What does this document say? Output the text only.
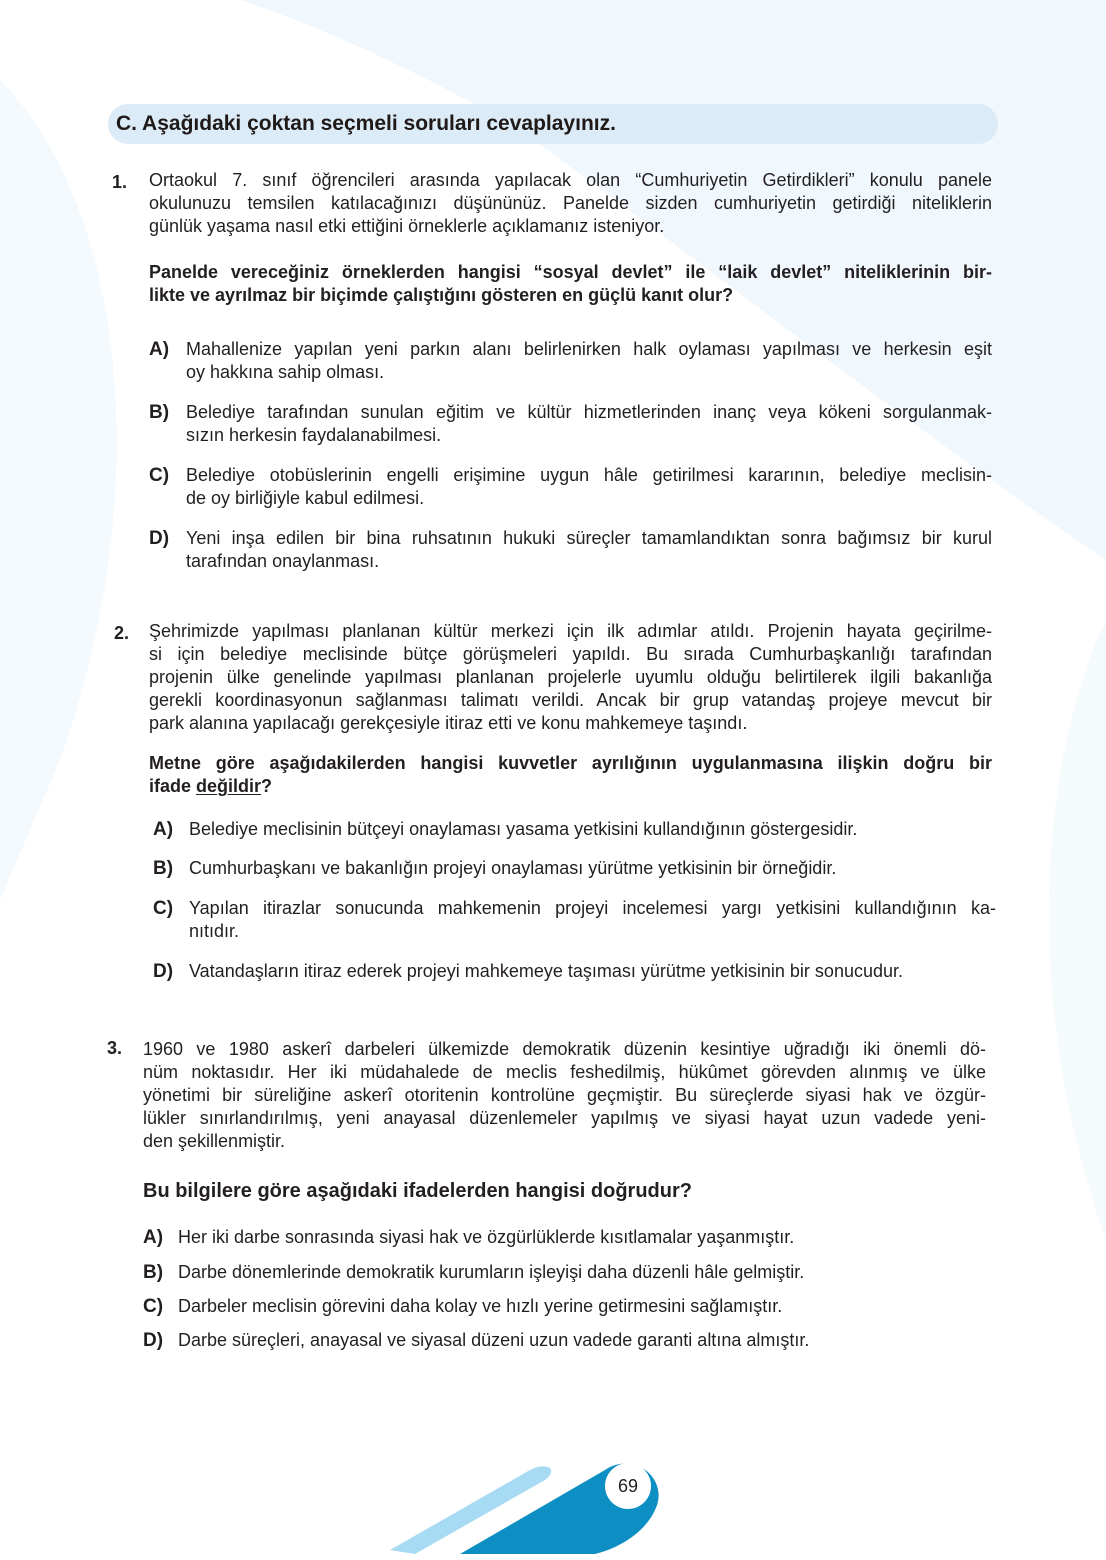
C. Aşağıdaki çoktan seçmeli soruları cevaplayınız.
1. Ortaokul 7. sınıf öğrencileri arasında yapılacak olan “Cumhuriyetin Getirdikleri” konulu panele
okulunuzu temsilen katılacağınızı düşününüz. Panelde sizden cumhuriyetin getirdiği niteliklerin
günlük yaşama nasıl etki ettiğini örneklerle açıklamanız isteniyor.
Panelde vereceğiniz örneklerden hangisi “sosyal devlet” ile “laik devlet” niteliklerinin bir-
likte ve ayrılmaz bir biçimde çalıştığını gösteren en güçlü kanıt olur?
A) Mahallenize yapılan yeni parkın alanı belirlenirken halk oylaması yapılması ve herkesin eşit
oy hakkına sahip olması.
B) Belediye tarafından sunulan eğitim ve kültür hizmetlerinden inanç veya kökeni sorgulanmak-
sızın herkesin faydalanabilmesi.
C) Belediye otobüslerinin engelli erişimine uygun hâle getirilmesi kararının, belediye meclisin-
de oy birliğiyle kabul edilmesi.
D) Yeni inşa edilen bir bina ruhsatının hukuki süreçler tamamlandıktan sonra bağımsız bir kurul
tarafından onaylanması.
2. Şehrimizde yapılması planlanan kültür merkezi için ilk adımlar atıldı. Projenin hayata geçirilme-
si için belediye meclisinde bütçe görüşmeleri yapıldı. Bu sırada Cumhurbaşkanlığı tarafından
projenin ülke genelinde yapılması planlanan projelerle uyumlu olduğu belirtilerek ilgili bakanlığa
gerekli koordinasyonun sağlanması talimatı verildi. Ancak bir grup vatandaş projeye mevcut bir
park alanına yapılacağı gerekçesiyle itiraz etti ve konu mahkemeye taşındı.
Metne göre aşağıdakilerden hangisi kuvvetler ayrılığının uygulanmasına ilişkin doğru bir
ifade değildir?
A) Belediye meclisinin bütçeyi onaylaması yasama yetkisini kullandığının göstergesidir.
B) Cumhurbaşkanı ve bakanlığın projeyi onaylaması yürütme yetkisinin bir örneğidir.
C) Yapılan itirazlar sonucunda mahkemenin projeyi incelemesi yargı yetkisini kullandığının ka-
nıtıdır.
D) Vatandaşların itiraz ederek projeyi mahkemeye taşıması yürütme yetkisinin bir sonucudur.
3. 1960 ve 1980 askerî darbeleri ülkemizde demokratik düzenin kesintiye uğradığı iki önemli dö-
nüm noktasıdır. Her iki müdahalede de meclis feshedilmiş, hükûmet görevden alınmış ve ülke
yönetimi bir süreliğine askerî otoritenin kontrolüne geçmiştir. Bu süreçlerde siyasi hak ve özgür-
lükler sınırlandırılmış, yeni anayasal düzenlemeler yapılmış ve siyasi hayat uzun vadede yeni-
den şekillenmiştir.
Bu bilgilere göre aşağıdaki ifadelerden hangisi doğrudur?
A) Her iki darbe sonrasında siyasi hak ve özgürlüklerde kısıtlamalar yaşanmıştır.
B) Darbe dönemlerinde demokratik kurumların işleyişi daha düzenli hâle gelmiştir.
C) Darbeler meclisin görevini daha kolay ve hızlı yerine getirmesini sağlamıştır.
D) Darbe süreçleri, anayasal ve siyasal düzeni uzun vadede garanti altına almıştır.
69
